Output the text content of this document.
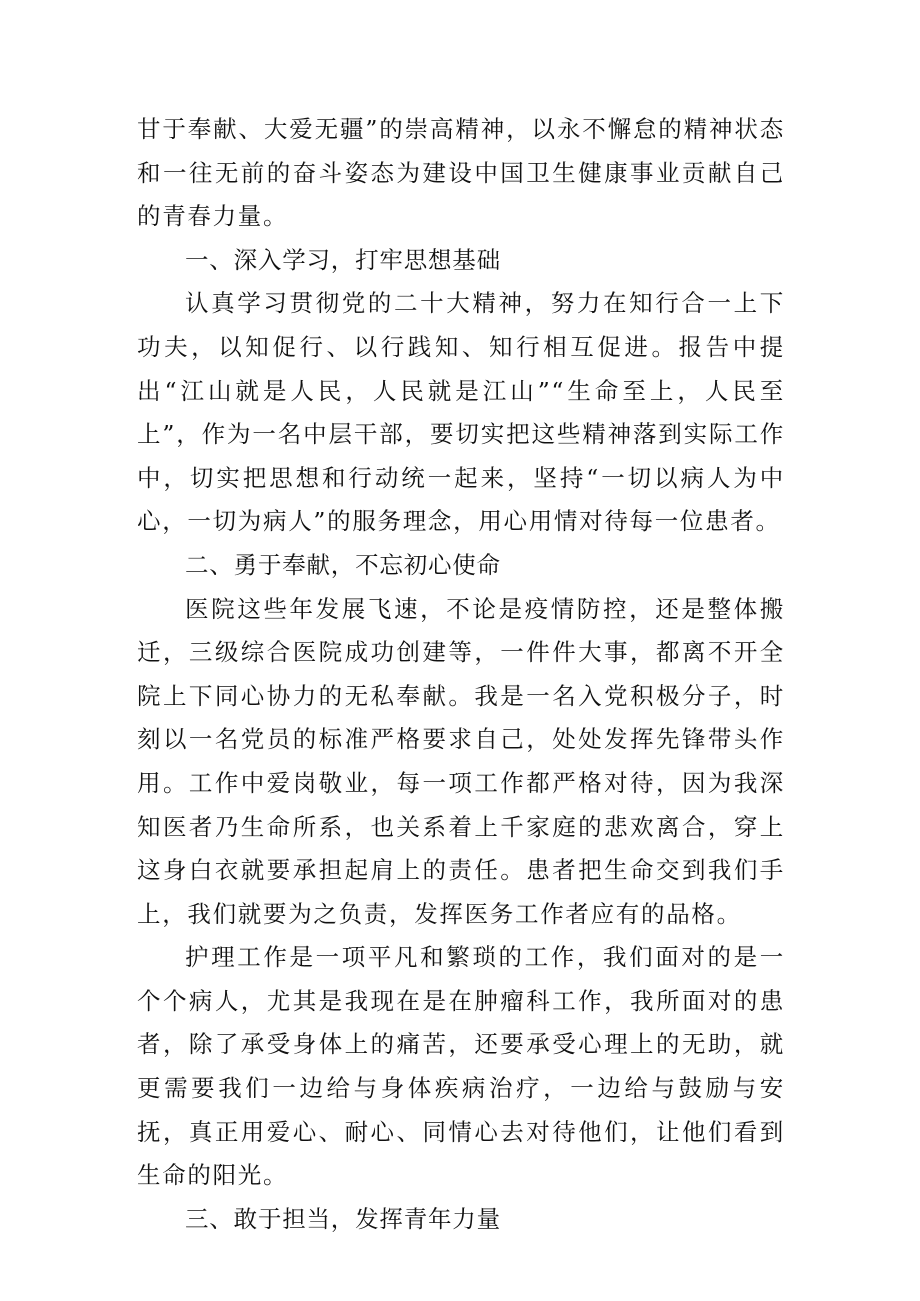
甘于奉献、大爱无疆”的崇高精神，以永不懈怠的精神状态和一往无前的奋斗姿态为建设中国卫生健康事业贡献自己的青春力量。

一、深入学习，打牢思想基础

认真学习贯彻党的二十大精神，努力在知行合一上下功夫，以知促行、以行践知、知行相互促进。报告中提出“江山就是人民，人民就是江山”“生命至上，人民至上”，作为一名中层干部，要切实把这些精神落到实际工作中，切实把思想和行动统一起来，坚持“一切以病人为中心，一切为病人”的服务理念，用心用情对待每一位患者。

二、勇于奉献，不忘初心使命

医院这些年发展飞速，不论是疫情防控，还是整体搬迁，三级综合医院成功创建等，一件件大事，都离不开全院上下同心协力的无私奉献。我是一名入党积极分子，时刻以一名党员的标准严格要求自己，处处发挥先锋带头作用。工作中爱岗敬业，每一项工作都严格对待，因为我深知医者乃生命所系，也关系着上千家庭的悲欢离合，穿上这身白衣就要承担起肩上的责任。患者把生命交到我们手上，我们就要为之负责，发挥医务工作者应有的品格。

护理工作是一项平凡和繁琐的工作，我们面对的是一个个病人，尤其是我现在是在肿瘤科工作，我所面对的患者，除了承受身体上的痛苦，还要承受心理上的无助，就更需要我们一边给与身体疾病治疗，一边给与鼓励与安抚，真正用爱心、耐心、同情心去对待他们，让他们看到生命的阳光。

三、敢于担当，发挥青年力量
